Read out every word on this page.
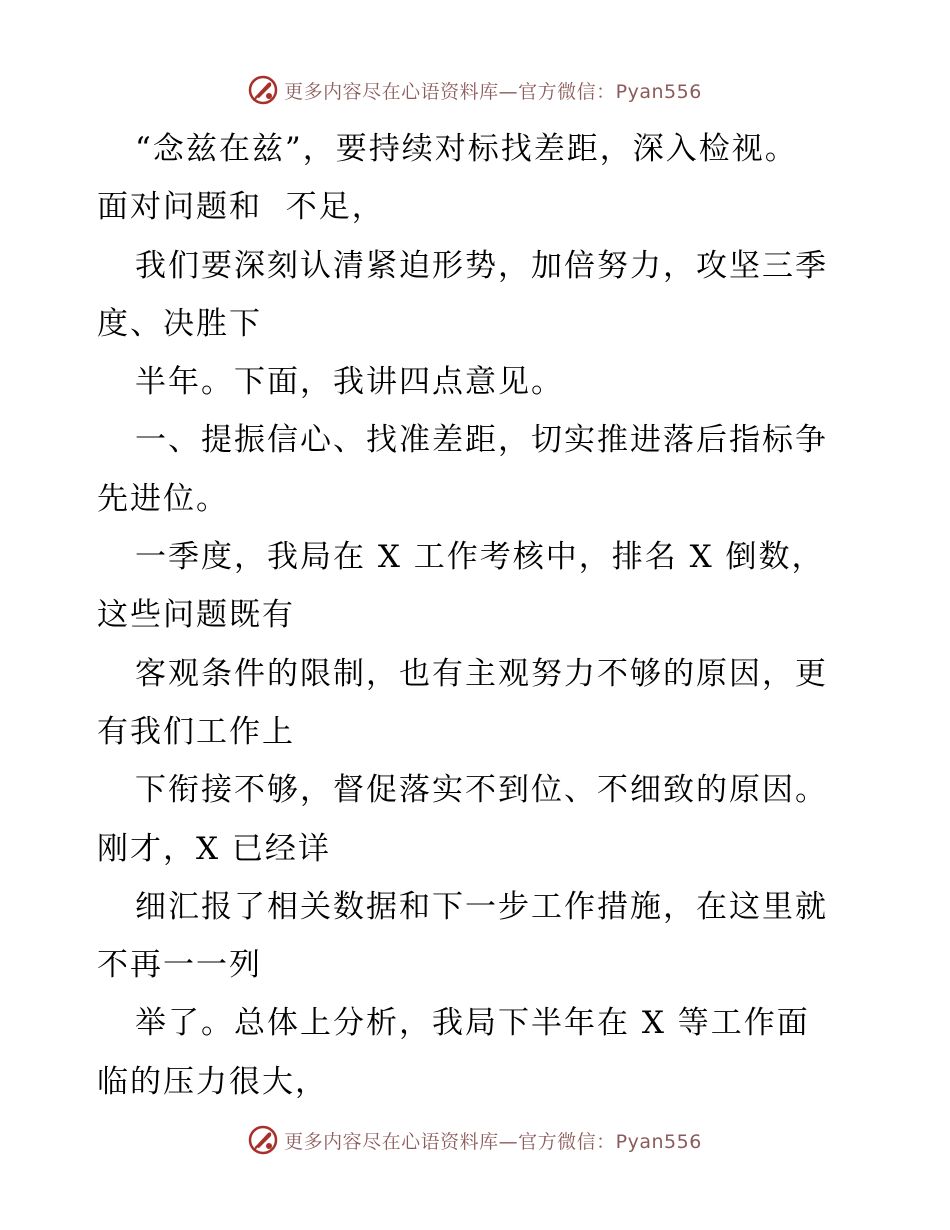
更多内容尽在心语资料库—官方微信：Pyan556
“念兹在兹”，要持续对标找差距，深入检视。
面对问题和  不足，
我们要深刻认清紧迫形势，加倍努力，攻坚三季
度、决胜下
半年。下面，我讲四点意见。
一、提振信心、找准差距，切实推进落后指标争
先进位。
一季度，我局在 X 工作考核中，排名 X 倒数，
这些问题既有
客观条件的限制，也有主观努力不够的原因，更
有我们工作上
下衔接不够，督促落实不到位、不细致的原因。
刚才，X 已经详
细汇报了相关数据和下一步工作措施，在这里就
不再一一列
举了。总体上分析，我局下半年在 X 等工作面
临的压力很大，
更多内容尽在心语资料库—官方微信：Pyan556
